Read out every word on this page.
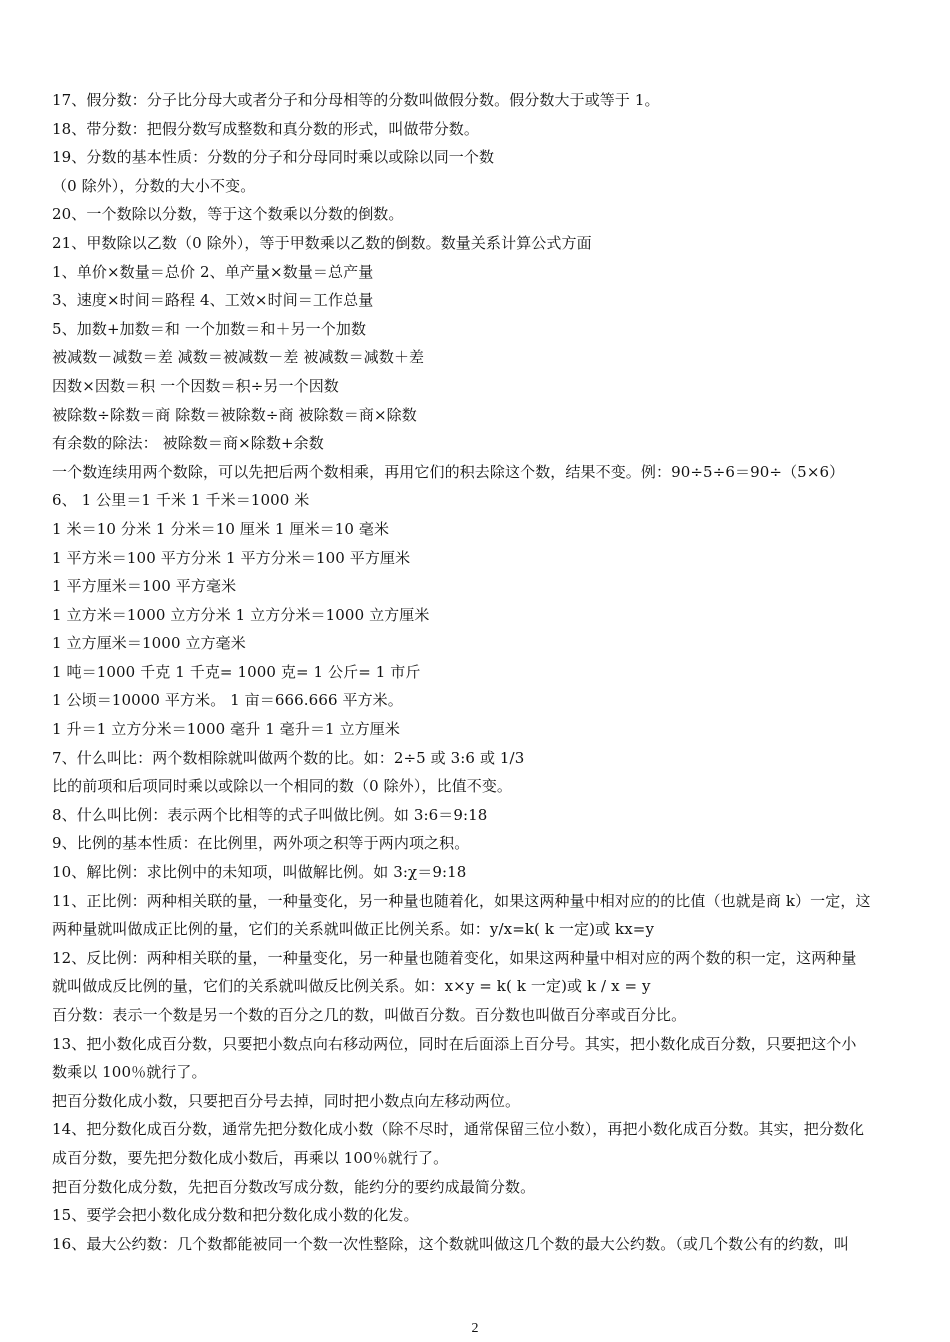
17、假分数：分子比分母大或者分子和分母相等的分数叫做假分数。假分数大于或等于 1。
18、带分数：把假分数写成整数和真分数的形式，叫做带分数。
19、分数的基本性质：分数的分子和分母同时乘以或除以同一个数
（0 除外），分数的大小不变。
20、一个数除以分数，等于这个数乘以分数的倒数。
21、甲数除以乙数（0 除外），等于甲数乘以乙数的倒数。数量关系计算公式方面
1、单价×数量＝总价 2、单产量×数量＝总产量
3、速度×时间＝路程 4、工效×时间＝工作总量
5、加数+加数＝和 一个加数＝和＋另一个加数
被减数－减数＝差 减数＝被减数－差 被减数＝减数＋差
因数×因数＝积 一个因数＝积÷另一个因数
被除数÷除数＝商 除数＝被除数÷商 被除数＝商×除数
有余数的除法： 被除数＝商×除数+余数
一个数连续用两个数除，可以先把后两个数相乘，再用它们的积去除这个数，结果不变。例：90÷5÷6＝90÷（5×6）
6、 1 公里＝1 千米 1 千米＝1000 米
1 米＝10 分米 1 分米＝10 厘米 1 厘米＝10 毫米
1 平方米＝100 平方分米 1 平方分米＝100 平方厘米
1 平方厘米＝100 平方毫米
1 立方米＝1000 立方分米 1 立方分米＝1000 立方厘米
1 立方厘米＝1000 立方毫米
1 吨＝1000 千克 1 千克= 1000 克= 1 公斤= 1 市斤
1 公顷＝10000 平方米。 1 亩＝666.666 平方米。
1 升＝1 立方分米＝1000 毫升 1 毫升＝1 立方厘米
7、什么叫比：两个数相除就叫做两个数的比。如：2÷5 或 3:6 或 1/3
比的前项和后项同时乘以或除以一个相同的数（0 除外），比值不变。
8、什么叫比例：表示两个比相等的式子叫做比例。如 3:6＝9:18
9、比例的基本性质：在比例里，两外项之积等于两内项之积。
10、解比例：求比例中的未知项，叫做解比例。如 3:χ＝9:18
11、正比例：两种相关联的量，一种量变化，另一种量也随着化，如果这两种量中相对应的的比值（也就是商 k）一定，这
两种量就叫做成正比例的量，它们的关系就叫做正比例关系。如：y/x=k( k 一定)或 kx=y
12、反比例：两种相关联的量，一种量变化，另一种量也随着变化，如果这两种量中相对应的两个数的积一定，这两种量
就叫做成反比例的量，它们的关系就叫做反比例关系。如：x×y = k( k 一定)或 k / x = y
百分数：表示一个数是另一个数的百分之几的数，叫做百分数。百分数也叫做百分率或百分比。
13、把小数化成百分数，只要把小数点向右移动两位，同时在后面添上百分号。其实，把小数化成百分数，只要把这个小
数乘以 100％就行了。
把百分数化成小数，只要把百分号去掉，同时把小数点向左移动两位。
14、把分数化成百分数，通常先把分数化成小数（除不尽时，通常保留三位小数），再把小数化成百分数。其实，把分数化
成百分数，要先把分数化成小数后，再乘以 100％就行了。
把百分数化成分数，先把百分数改写成分数，能约分的要约成最简分数。
15、要学会把小数化成分数和把分数化成小数的化发。
16、最大公约数：几个数都能被同一个数一次性整除，这个数就叫做这几个数的最大公约数。（或几个数公有的约数，叫
2
